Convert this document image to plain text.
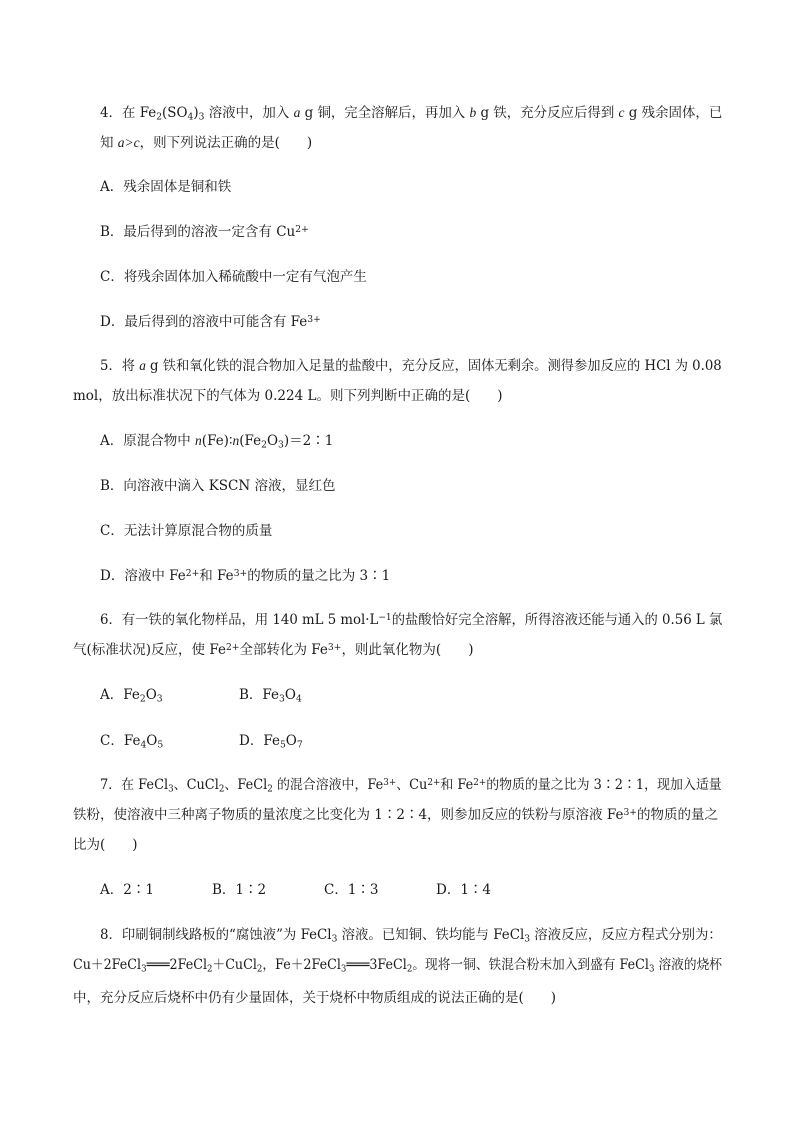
4．在 $Fe_2(SO_4)_3$ 溶液中，加入 a g 铜，完全溶解后，再加入 b g 铁，充分反应后得到 c g 残余固体，已
知 a>c，则下列说法正确的是(　　)
A．残余固体是铜和铁
B．最后得到的溶液一定含有 $Cu^{2+}$
C．将残余固体加入稀硫酸中一定有气泡产生
D．最后得到的溶液中可能含有 $Fe^{3+}$
5．将 a g 铁和氧化铁的混合物加入足量的盐酸中，充分反应，固体无剩余。测得参加反应的 HCl 为 0.08
mol，放出标准状况下的气体为 0.224 L。则下列判断中正确的是(　　)
A．原混合物中 $n(Fe)∶n(Fe_2O_3)=2∶1$
B．向溶液中滴入 KSCN 溶液，显红色
C．无法计算原混合物的质量
D．溶液中 $Fe^{2+}$和 $Fe^{3+}$的物质的量之比为 3∶1
6．有一铁的氧化物样品，用 140 mL 5 $mol\cdot L^{-1}$的盐酸恰好完全溶解，所得溶液还能与通入的 0.56 L 氯
气(标准状况)反应，使 $Fe^{2+}$全部转化为 $Fe^{3+}$，则此氧化物为(　　)
A．$Fe_2O_3$	B．$Fe_3O_4$
C．$Fe_4O_5$	D．$Fe_5O_7$
7．在 FeCl$_3$、CuCl$_2$、FeCl$_2$ 的混合溶液中，$Fe^{3+}$、$Cu^{2+}$和 $Fe^{2+}$的物质的量之比为 3∶2∶1，现加入适量
铁粉，使溶液中三种离子物质的量浓度之比变化为 1∶2∶4，则参加反应的铁粉与原溶液 $Fe^{3+}$的物质的量之
比为(　　)
A．2∶1	B．1∶2	C．1∶3	D．1∶4
8．印刷铜制线路板的“腐蚀液”为 FeCl$_3$ 溶液。已知铜、铁均能与 FeCl$_3$ 溶液反应，反应方程式分别为：
Cu＋2FeCl$_3$═══2FeCl$_2$＋CuCl$_2$，Fe＋2FeCl$_3$═══3FeCl$_2$。现将一铜、铁混合粉末加入到盛有 FeCl$_3$ 溶液的烧杯
中，充分反应后烧杯中仍有少量固体，关于烧杯中物质组成的说法正确的是(　　)
